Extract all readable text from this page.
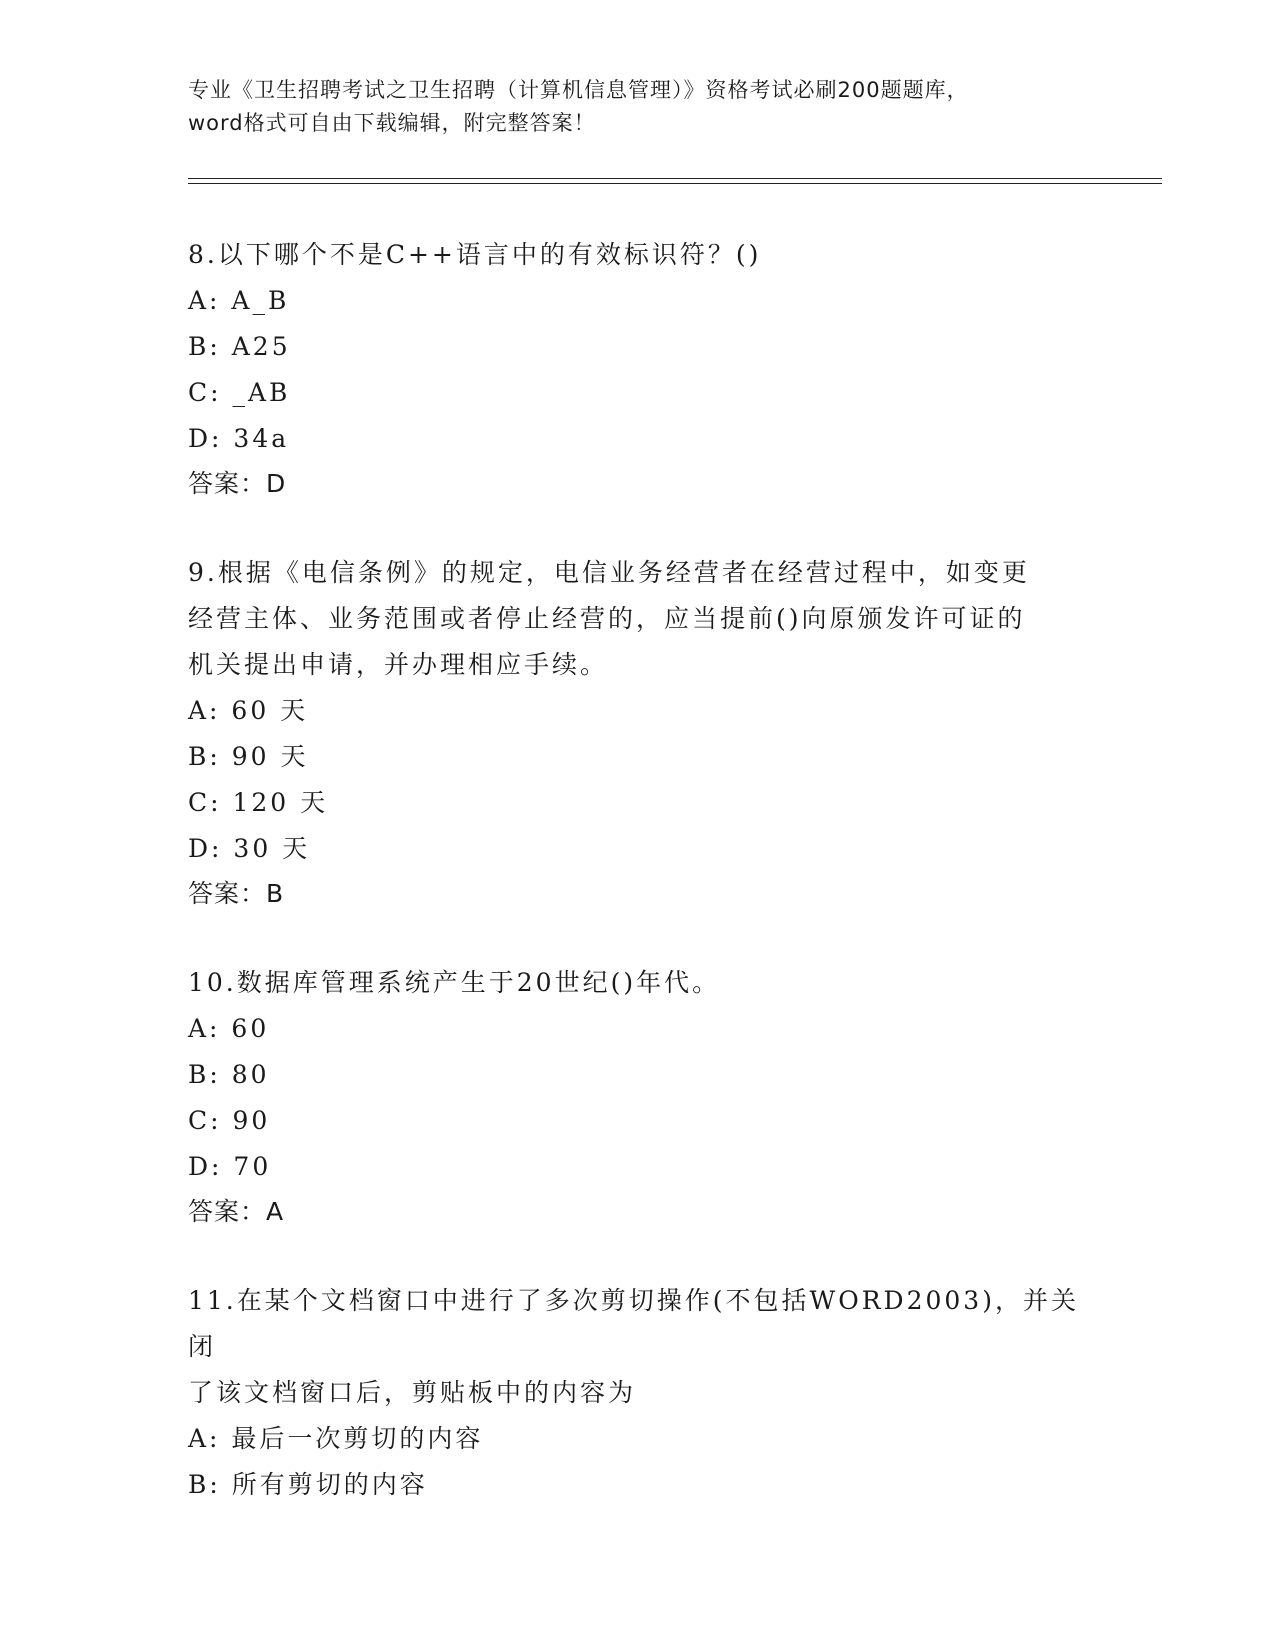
专业《卫生招聘考试之卫生招聘（计算机信息管理）》资格考试必刷200题题库，
word格式可自由下载编辑，附完整答案！
8.以下哪个不是C++语言中的有效标识符？()
A: A_B
B: A25
C: _AB
D: 34a
答案：D
9.根据《电信条例》的规定，电信业务经营者在经营过程中，如变更
经营主体、业务范围或者停止经营的，应当提前()向原颁发许可证的
机关提出申请，并办理相应手续。
A: 60 天
B: 90 天
C: 120 天
D: 30 天
答案：B
10.数据库管理系统产生于20世纪()年代。
A: 60
B: 80
C: 90
D: 70
答案：A
11.在某个文档窗口中进行了多次剪切操作(不包括WORD2003)，并关闭
了该文档窗口后，剪贴板中的内容为
A: 最后一次剪切的内容
B: 所有剪切的内容
